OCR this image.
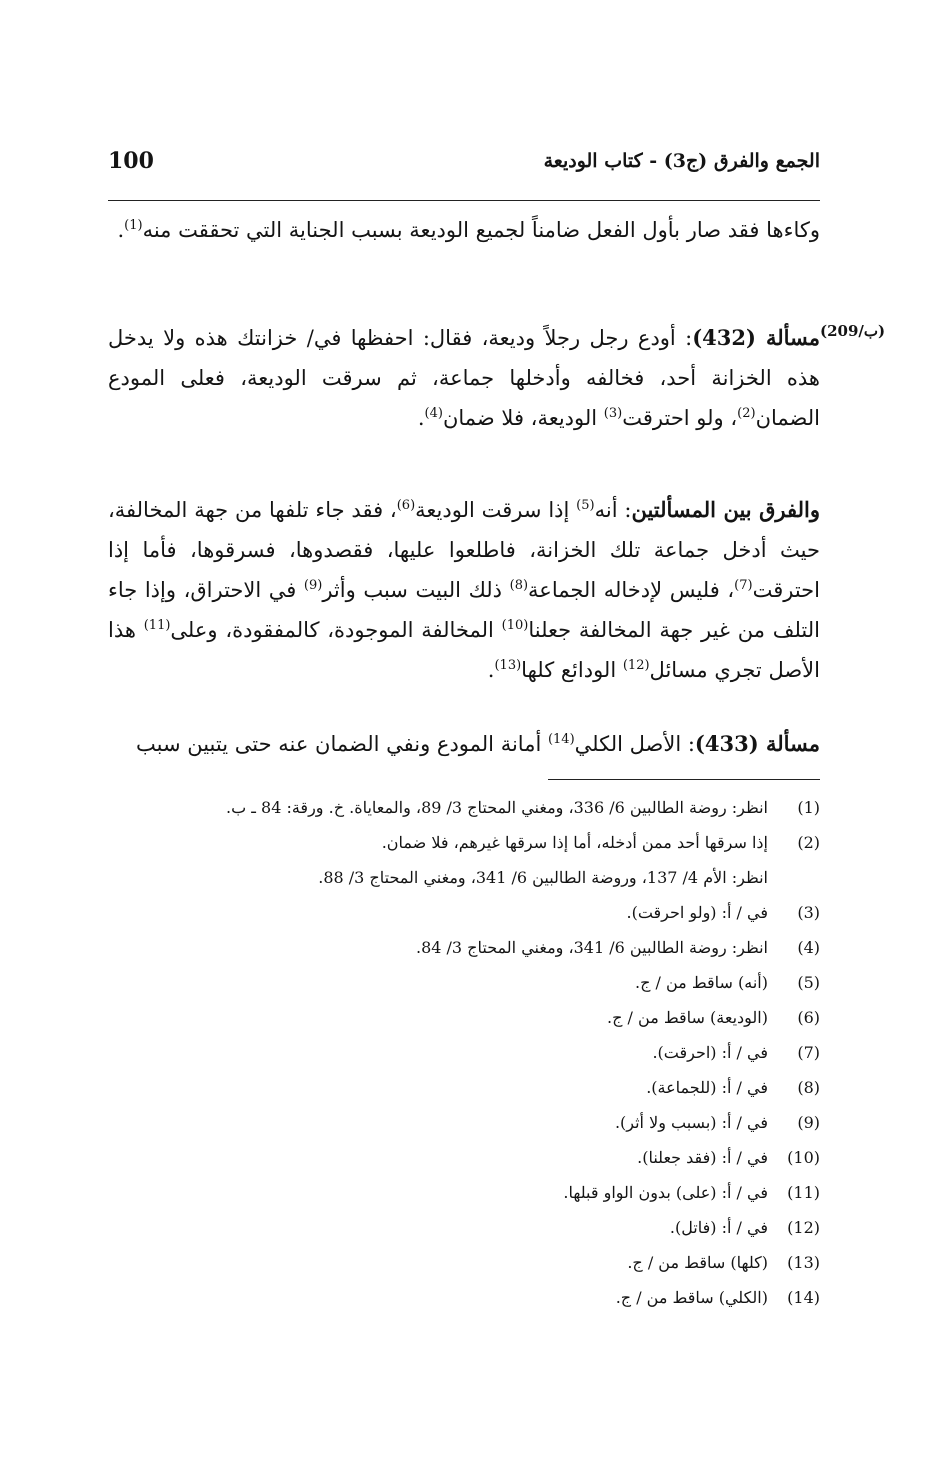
100	الجمع والفرق (ج3) - كتاب الوديعة
وكاءها فقد صار بأول الفعل ضامناً لجميع الوديعة بسبب الجناية التي تحققت منه$^{(1)}$.
(209/ب)
مسألة (432): أودع رجل رجلاً وديعة، فقال: احفظها في/ خزانتك هذه ولا يدخل هذه الخزانة أحد، فخالفه وأدخلها جماعة، ثم سرقت الوديعة، فعلى المودع الضمان$^{(2)}$، ولو احترقت$^{(3)}$ الوديعة، فلا ضمان$^{(4)}$.
والفرق بين المسألتين: أنه$^{(5)}$ إذا سرقت الوديعة$^{(6)}$، فقد جاء تلفها من جهة المخالفة، حيث أدخل جماعة تلك الخزانة، فاطلعوا عليها، فقصدوها، فسرقوها، فأما إذا احترقت$^{(7)}$، فليس لإدخاله الجماعة$^{(8)}$ ذلك البيت سبب وأثر$^{(9)}$ في الاحتراق، وإذا جاء التلف من غير جهة المخالفة جعلنا$^{(10)}$ المخالفة الموجودة، كالمفقودة، وعلى$^{(11)}$ هذا الأصل تجري مسائل$^{(12)}$ الودائع كلها$^{(13)}$.
مسألة (433): الأصل الكلي$^{(14)}$ أمانة المودع ونفي الضمان عنه حتى يتبين سبب
(1)
انظر: روضة الطالبين 6/ 336، ومغني المحتاج 3/ 89، والمعاياة. خ. ورقة: 84 ـ ب.
(2)
إذا سرقها أحد ممن أدخله، أما إذا سرقها غيرهم، فلا ضمان.
انظر: الأم 4/ 137، وروضة الطالبين 6/ 341، ومغني المحتاج 3/ 88.
(3)
في / أ: (ولو احرقت).
(4)
انظر: روضة الطالبين 6/ 341، ومغني المحتاج 3/ 84.
(5)
(أنه) ساقط من / ج.
(6)
(الوديعة) ساقط من / ج.
(7)
في / أ: (احرقت).
(8)
في / أ: (للجماعة).
(9)
في / أ: (بسبب ولا أثر).
(10)
في / أ: (فقد جعلنا).
(11)
في / أ: (على) بدون الواو قبلها.
(12)
في / أ: (فاتل).
(13)
(كلها) ساقط من / ج.
(14)
(الكلي) ساقط من / ج.
